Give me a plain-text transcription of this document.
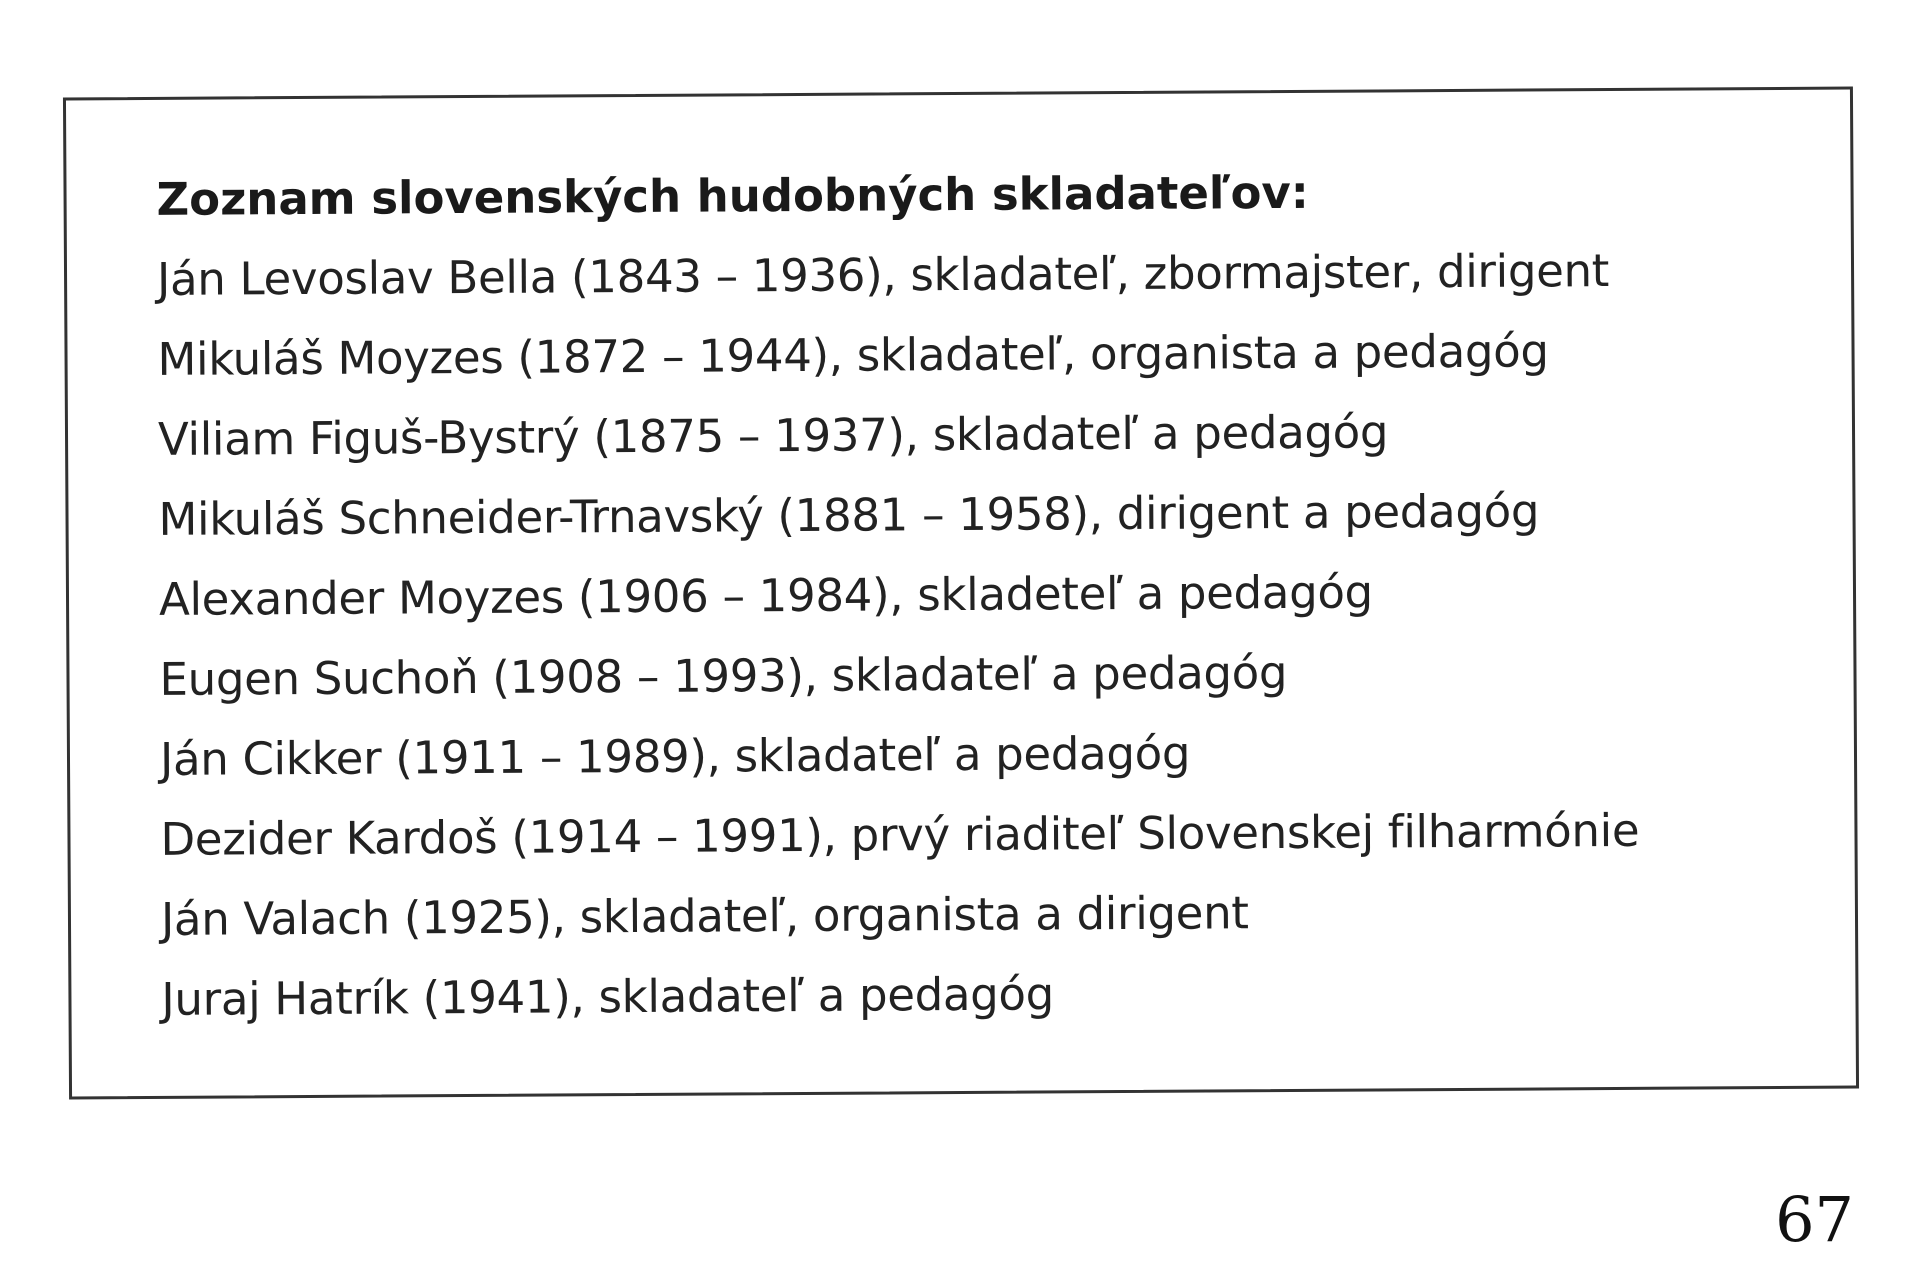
Zoznam slovenských hudobných skladateľov:
Ján Levoslav Bella (1843 – 1936), skladateľ, zbormajster, dirigent
Mikuláš Moyzes (1872 – 1944), skladateľ, organista a pedagóg
Viliam Figuš-Bystrý (1875 – 1937), skladateľ a pedagóg
Mikuláš Schneider-Trnavský (1881 – 1958), dirigent a pedagóg
Alexander Moyzes (1906 – 1984), skladeteľ a pedagóg
Eugen Suchoň (1908 – 1993), skladateľ a pedagóg
Ján Cikker (1911 – 1989), skladateľ a pedagóg
Dezider Kardoš (1914 – 1991), prvý riaditeľ Slovenskej filharmónie
Ján Valach (1925), skladateľ, organista a dirigent
Juraj Hatrík (1941), skladateľ a pedagóg
67
